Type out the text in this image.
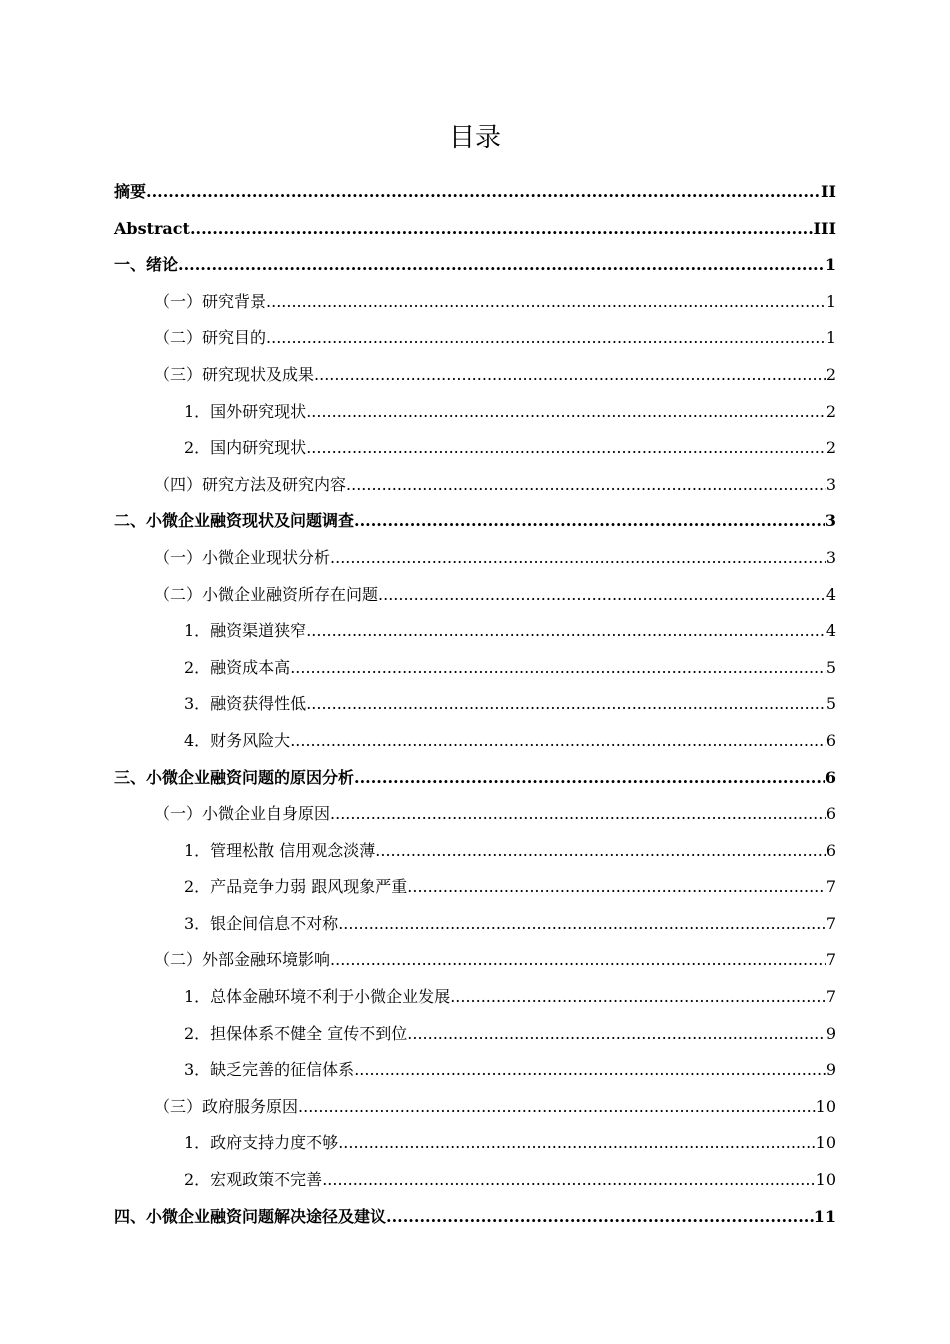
目录
摘要 .....	II
Abstract .....	III
一、绪论 .....	1
（一）研究背景 .....	1
（二）研究目的 .....	1
（三）研究现状及成果 .....	2
1．国外研究现状 .....	2
2．国内研究现状 .....	2
（四）研究方法及研究内容 .....	3
二、小微企业融资现状及问题调查 .....	3
（一）小微企业现状分析 .....	3
（二）小微企业融资所存在问题 .....	4
1．融资渠道狭窄 .....	4
2．融资成本高 .....	5
3．融资获得性低 .....	5
4．财务风险大 .....	6
三、小微企业融资问题的原因分析 .....	6
（一）小微企业自身原因 .....	6
1．管理松散 信用观念淡薄 .....	6
2．产品竞争力弱 跟风现象严重 .....	7
3．银企间信息不对称 .....	7
（二）外部金融环境影响 .....	7
1．总体金融环境不利于小微企业发展 .....	7
2．担保体系不健全 宣传不到位 .....	9
3．缺乏完善的征信体系 .....	9
（三）政府服务原因 .....	10
1．政府支持力度不够 .....	10
2．宏观政策不完善 .....	10
四、小微企业融资问题解决途径及建议 .....	11
